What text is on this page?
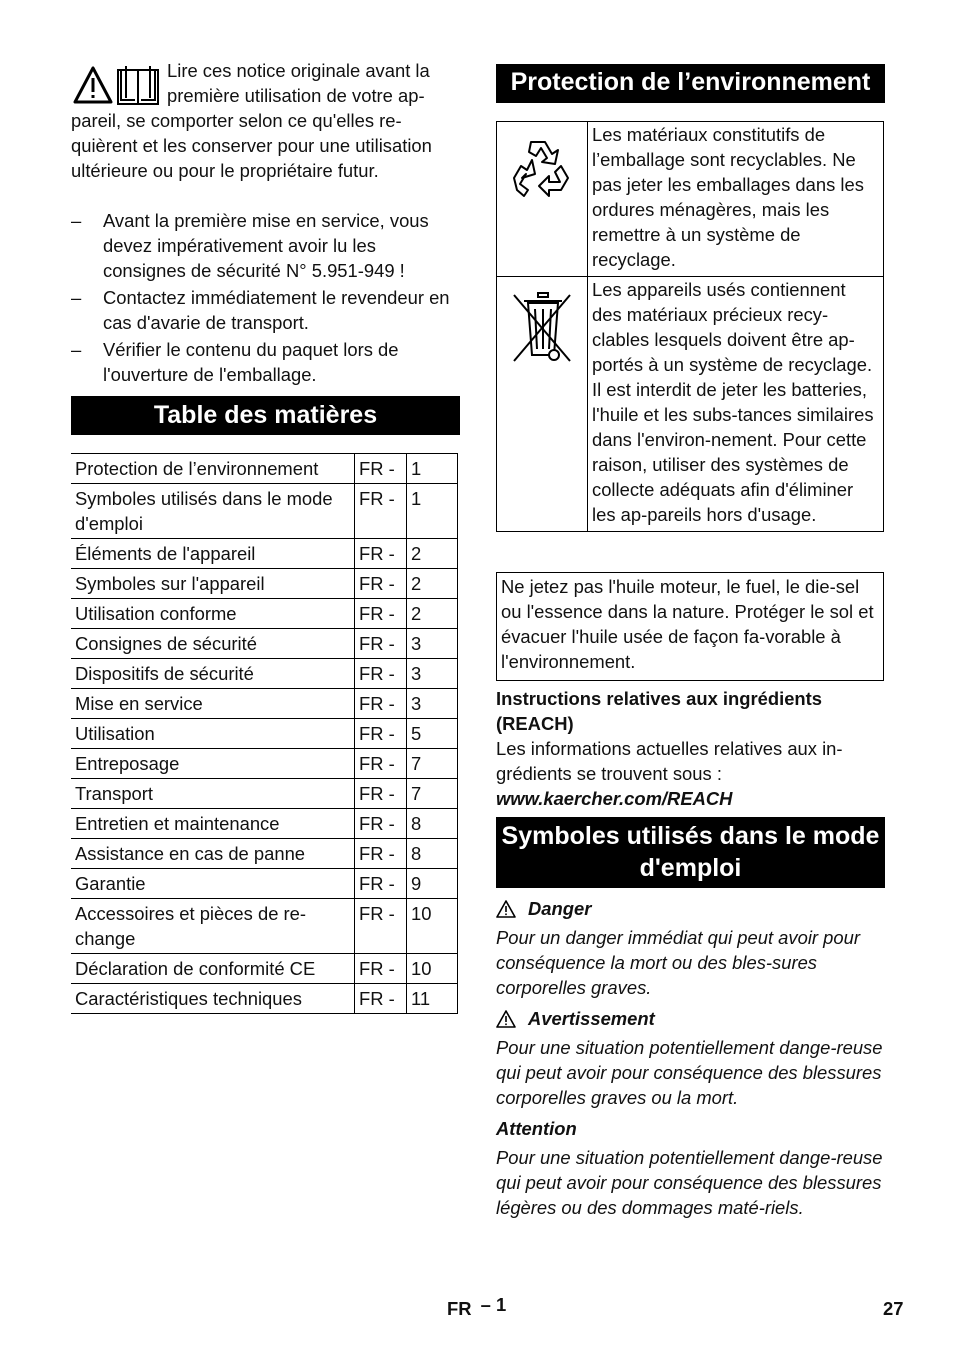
Lire ces notice originale avant la

première utilisation de votre ap-

pareil, se comporter selon ce qu'elles re-quièrent et les conserver pour une utilisation ultérieure ou pour le propriétaire futur.

–	Avant la première mise en service, vous devez impérativement avoir lu les consignes de sécurité N° 5.951-949 !
–	Contactez immédiatement le revendeur en cas d'avarie de transport.
–	Vérifier le contenu du paquet lors de l'ouverture de l'emballage.
Table des matières
Protection de l’environnement	FR -	1
Symboles utilisés dans le mode d'emploi	FR -	1
Éléments de l'appareil	FR -	2
Symboles sur l'appareil	FR -	2
Utilisation conforme	FR -	2
Consignes de sécurité	FR -	3
Dispositifs de sécurité	FR -	3
Mise en service	FR -	3
Utilisation	FR -	5
Entreposage	FR -	7
Transport	FR -	7
Entretien et maintenance	FR -	8
Assistance en cas de panne	FR -	8
Garantie	FR -	9
Accessoires et pièces de re-change	FR -	10
Déclaration de conformité CE	FR -	10
Caractéristiques techniques	FR -	11
Protection de l’environnement
	Les matériaux constitutifs de l’emballage sont recyclables. Ne pas jeter les emballages dans les ordures ménagères, mais les remettre à un système de recyclage.
	Les appareils usés contiennent des matériaux précieux recy-clables lesquels doivent être ap-portés à un système de recyclage. Il est interdit de jeter les batteries, l'huile et les subs-tances similaires dans l'environ-nement. Pour cette raison, utiliser des systèmes de collecte adéquats afin d'éliminer les ap-pareils hors d'usage.
Ne jetez pas l'huile moteur, le fuel, le die-sel ou l'essence dans la nature. Protéger le sol et évacuer l'huile usée de façon fa-vorable à l'environnement.

Instructions relatives aux ingrédients (REACH)

Les informations actuelles relatives aux in-grédients se trouvent sous :

www.kaercher.com/REACH

Symboles utilisés dans le mode d'emploi
Danger

Pour un danger immédiat qui peut avoir pour conséquence la mort ou des bles-sures corporelles graves.

Avertissement

Pour une situation potentiellement dange-reuse qui peut avoir pour conséquence des blessures corporelles graves ou la mort.

Attention

Pour une situation potentiellement dange-reuse qui peut avoir pour conséquence des blessures légères ou des dommages maté-riels.

FR – 1	27
